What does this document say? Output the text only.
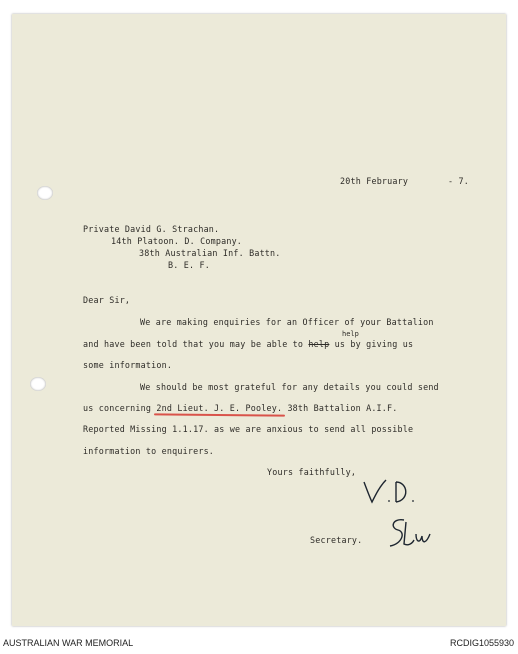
20th February	- 7.
Private David G. Strachan.
14th Platoon. D. Company.
38th Australian Inf. Battn.
B. E. F.
Dear Sir,
We are making enquiries for an Officer of your Battalion
help
and have been told that you may be able to help us by giving us
some information.
We should be most grateful for any details you could send
us concerning 2nd Lieut. J. E. Pooley. 38th Battalion A.I.F.
Reported Missing 1.1.17. as we are anxious to send all possible
information to enquirers.
Yours faithfully,
Secretary.
AUSTRALIAN WAR MEMORIAL	RCDIG1055930
